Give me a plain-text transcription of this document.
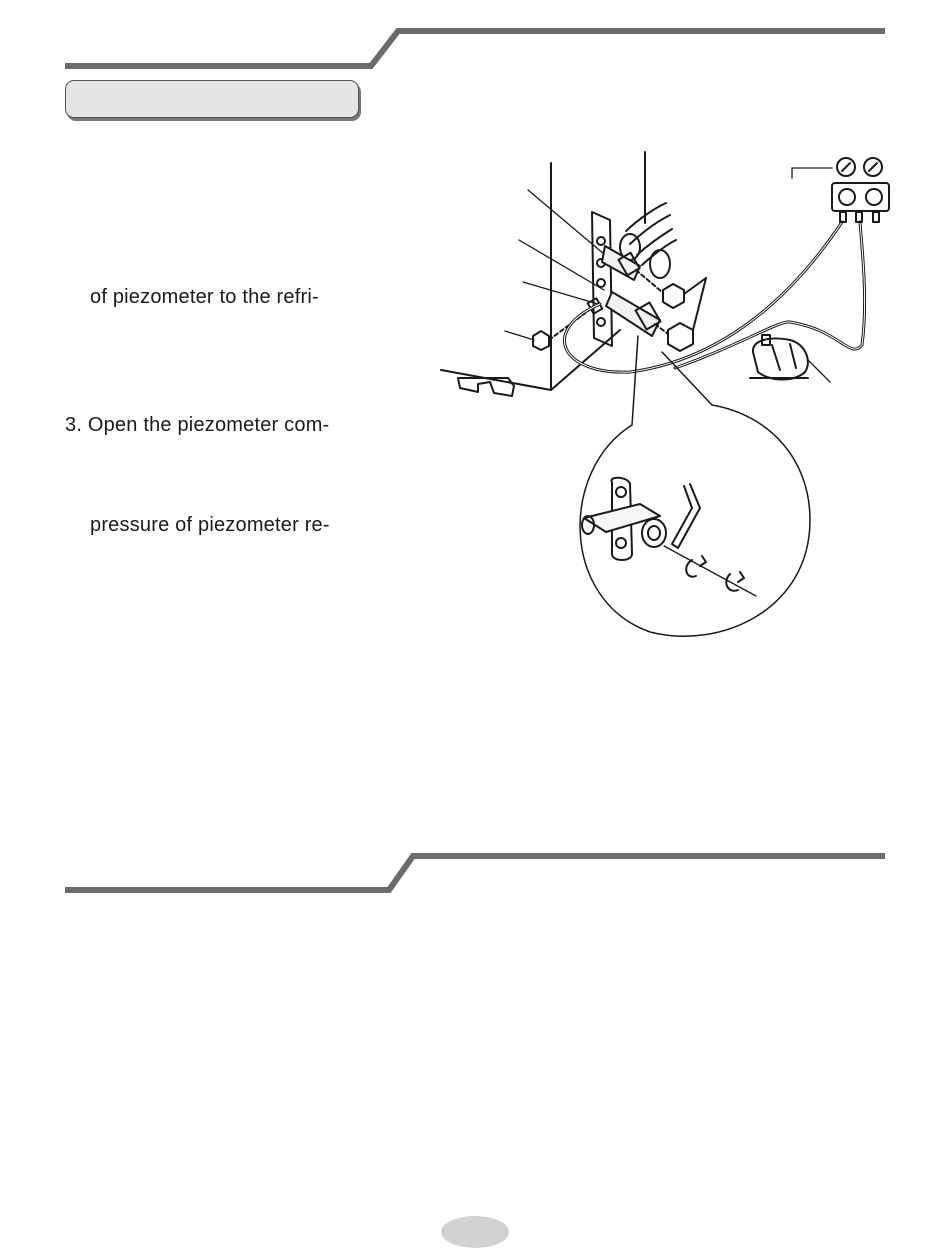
of piezometer to the refri-
3. Open the piezometer com-
pressure of piezometer re-
